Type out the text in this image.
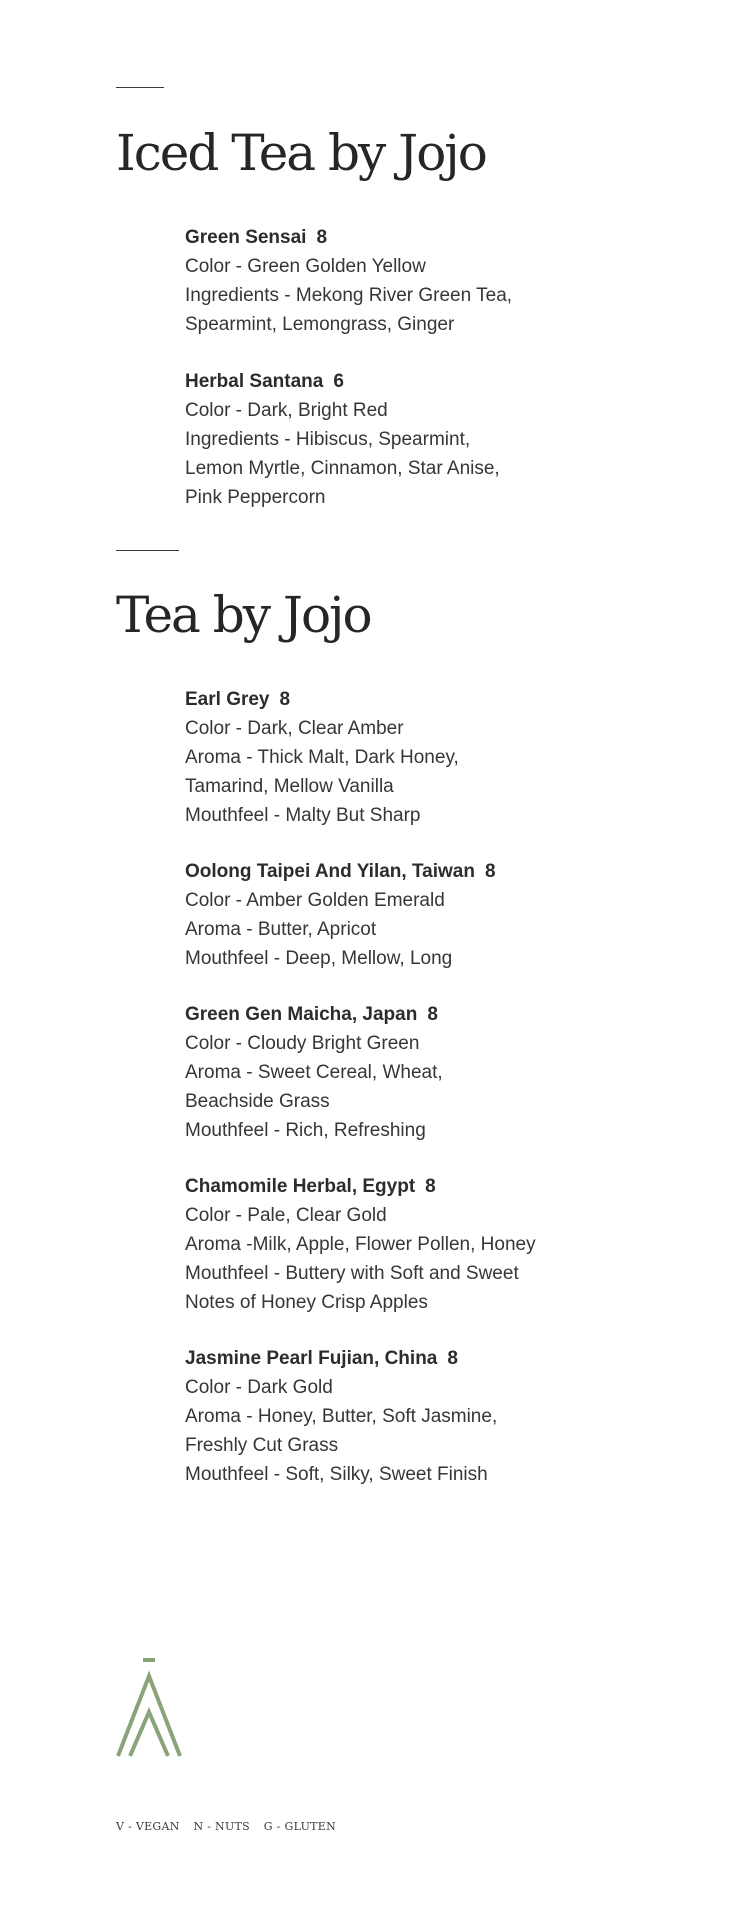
Iced Tea by Jojo
Green Sensai 8
Color - Green Golden Yellow
Ingredients - Mekong River Green Tea,
Spearmint, Lemongrass, Ginger
Herbal Santana 6
Color - Dark, Bright Red
Ingredients - Hibiscus, Spearmint,
Lemon Myrtle, Cinnamon, Star Anise,
Pink Peppercorn
Tea by Jojo
Earl Grey 8
Color - Dark, Clear Amber
Aroma - Thick Malt, Dark Honey,
Tamarind, Mellow Vanilla
Mouthfeel - Malty But Sharp
Oolong Taipei And Yilan, Taiwan 8
Color - Amber Golden Emerald
Aroma - Butter, Apricot
Mouthfeel - Deep, Mellow, Long
Green Gen Maicha, Japan 8
Color - Cloudy Bright Green
Aroma - Sweet Cereal, Wheat,
Beachside Grass
Mouthfeel - Rich, Refreshing
Chamomile Herbal, Egypt 8
Color - Pale, Clear Gold
Aroma -Milk, Apple, Flower Pollen, Honey
Mouthfeel - Buttery with Soft and Sweet
Notes of Honey Crisp Apples
Jasmine Pearl Fujian, China 8
Color - Dark Gold
Aroma - Honey, Butter, Soft Jasmine,
Freshly Cut Grass
Mouthfeel - Soft, Silky, Sweet Finish
V - VEGAN N - NUTS G - GLUTEN
